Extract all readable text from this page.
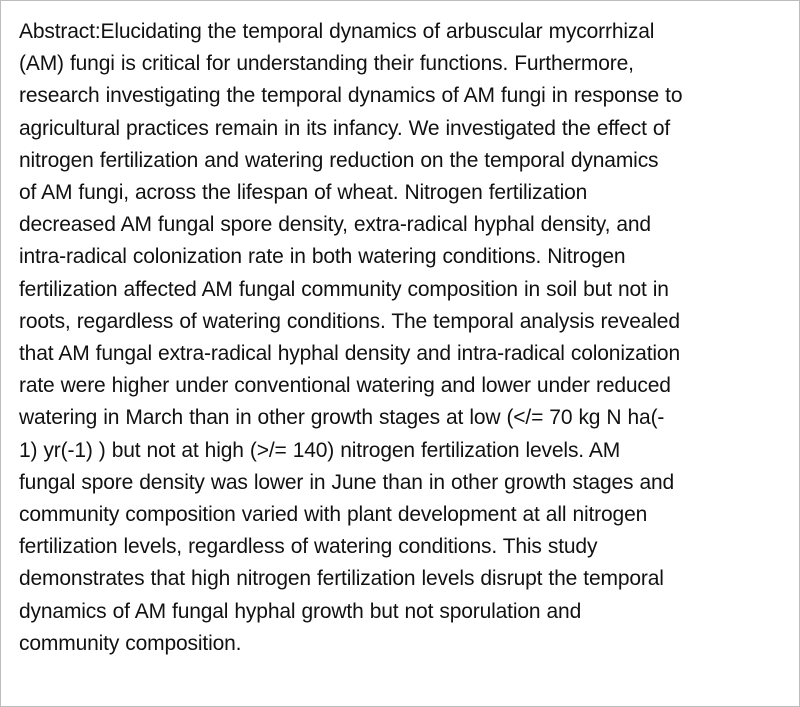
Abstract:Elucidating the temporal dynamics of arbuscular mycorrhizal
(AM) fungi is critical for understanding their functions. Furthermore,
research investigating the temporal dynamics of AM fungi in response to
agricultural practices remain in its infancy. We investigated the effect of
nitrogen fertilization and watering reduction on the temporal dynamics
of AM fungi, across the lifespan of wheat. Nitrogen fertilization
decreased AM fungal spore density, extra-radical hyphal density, and
intra-radical colonization rate in both watering conditions. Nitrogen
fertilization affected AM fungal community composition in soil but not in
roots, regardless of watering conditions. The temporal analysis revealed
that AM fungal extra-radical hyphal density and intra-radical colonization
rate were higher under conventional watering and lower under reduced
watering in March than in other growth stages at low (</= 70 kg N ha(-
1) yr(-1) ) but not at high (>/= 140) nitrogen fertilization levels. AM
fungal spore density was lower in June than in other growth stages and
community composition varied with plant development at all nitrogen
fertilization levels, regardless of watering conditions. This study
demonstrates that high nitrogen fertilization levels disrupt the temporal
dynamics of AM fungal hyphal growth but not sporulation and
community composition.
